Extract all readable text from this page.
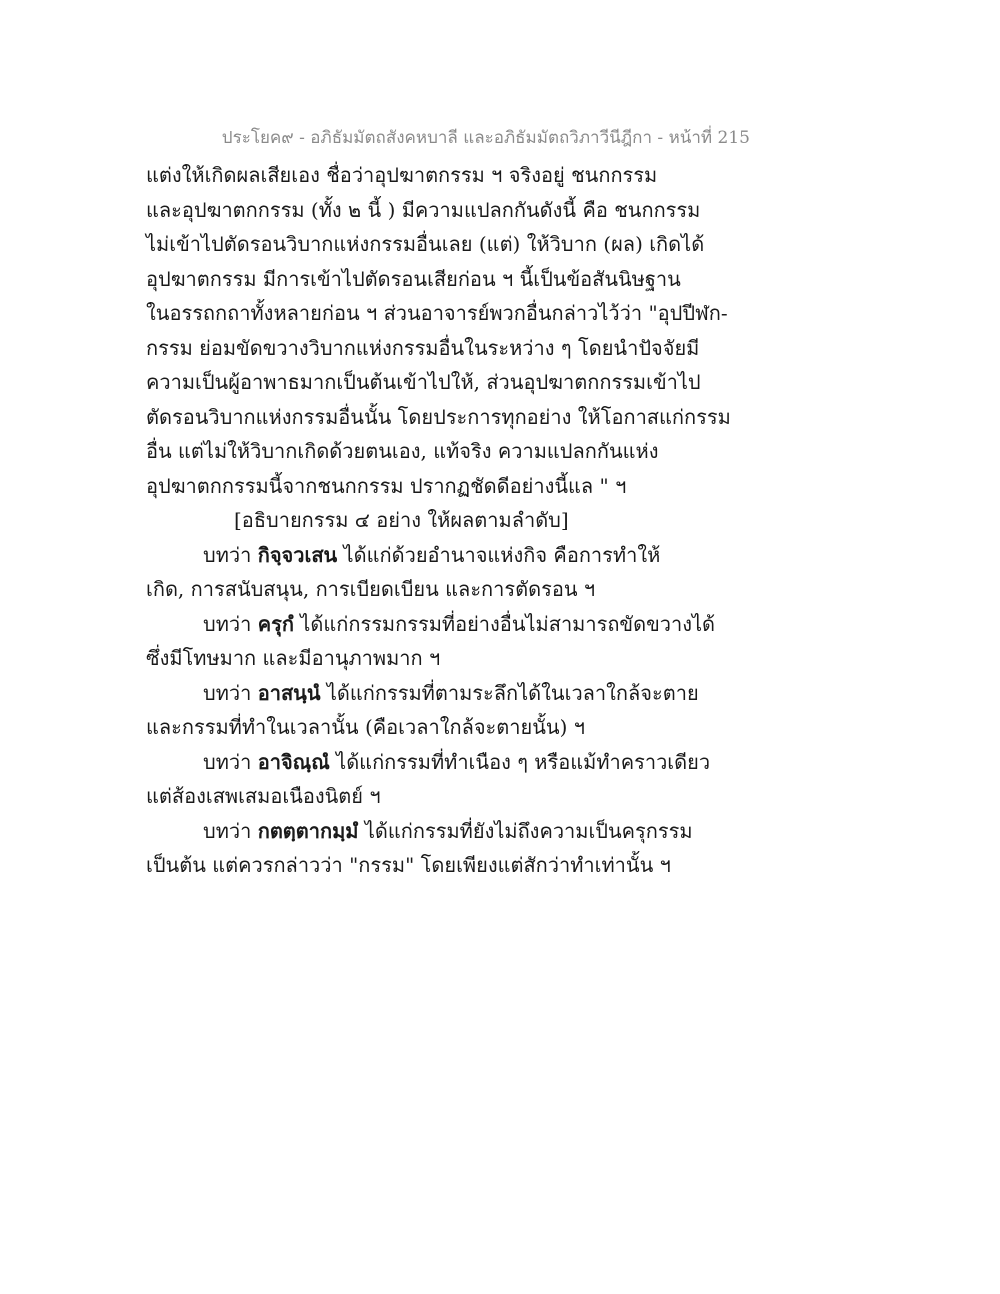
ประโยค๙ - อภิธัมมัตถสังคหบาลี และอภิธัมมัตถวิภาวีนีฎีกา - หน้าที่ 215
แต่งให้เกิดผลเสียเอง ชื่อว่าอุปฆาตกรรม ฯ จริงอยู่ ชนกกรรม
และอุปฆาตกกรรม (ทั้ง ๒ นี้ ) มีความแปลกกันดังนี้ คือ ชนกกรรม
ไม่เข้าไปตัดรอนวิบากแห่งกรรมอื่นเลย (แต่) ให้วิบาก (ผล) เกิดได้
อุปฆาตกรรม มีการเข้าไปตัดรอนเสียก่อน ฯ นี้เป็นข้อสันนิษฐาน
ในอรรถกถาทั้งหลายก่อน ฯ ส่วนอาจารย์พวกอื่นกล่าวไว้ว่า "อุปปีฬก-
กรรม ย่อมขัดขวางวิบากแห่งกรรมอื่นในระหว่าง ๆ โดยนำปัจจัยมี
ความเป็นผู้อาพาธมากเป็นต้นเข้าไปให้, ส่วนอุปฆาตกกรรมเข้าไป
ตัดรอนวิบากแห่งกรรมอื่นนั้น โดยประการทุกอย่าง ให้โอกาสแก่กรรม
อื่น แต่ไม่ให้วิบากเกิดด้วยตนเอง, แท้จริง ความแปลกกันแห่ง
อุปฆาตกกรรมนี้จากชนกกรรม ปรากฏชัดดีอย่างนี้แล " ฯ
[อธิบายกรรม ๔ อย่าง ให้ผลตามลำดับ]
บทว่า กิจฺจวเสน ได้แก่ด้วยอำนาจแห่งกิจ คือการทำให้
เกิด, การสนับสนุน, การเบียดเบียน และการตัดรอน ฯ
บทว่า ครุกํ ได้แก่กรรมกรรมที่อย่างอื่นไม่สามารถขัดขวางได้
ซึ่งมีโทษมาก และมีอานุภาพมาก ฯ
บทว่า อาสนฺนํ ได้แก่กรรมที่ตามระลึกได้ในเวลาใกล้จะตาย
และกรรมที่ทำในเวลานั้น (คือเวลาใกล้จะตายนั้น) ฯ
บทว่า อาจิณฺณํ ได้แก่กรรมที่ทำเนือง ๆ หรือแม้ทำคราวเดียว
แต่ส้องเสพเสมอเนืองนิตย์ ฯ
บทว่า กตตฺตากมฺมํ ได้แก่กรรมที่ยังไม่ถึงความเป็นครุกรรม
เป็นต้น แต่ควรกล่าวว่า "กรรม" โดยเพียงแต่สักว่าทำเท่านั้น ฯ
